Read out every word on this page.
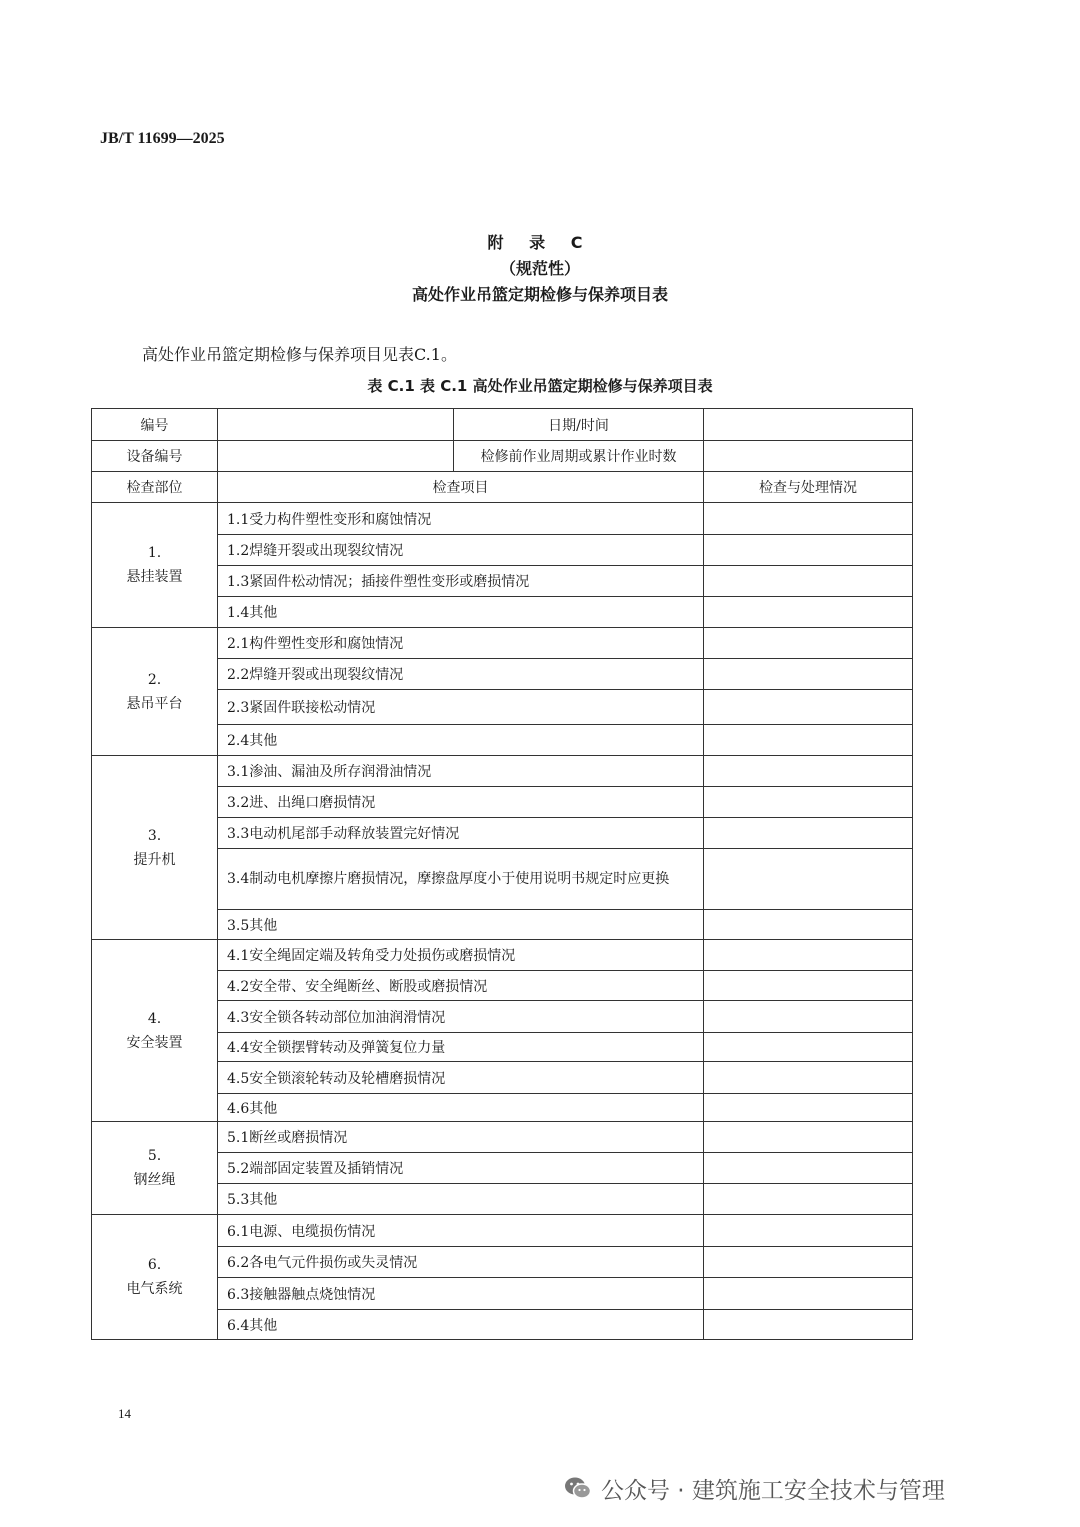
JB/T 11699—2025
附 录 C
（规范性）
高处作业吊篮定期检修与保养项目表
高处作业吊篮定期检修与保养项目见表C.1。
表 C.1 表 C.1 高处作业吊篮定期检修与保养项目表
编号		日期/时间	
设备编号		检修前作业周期或累计作业时数	
检查部位	检查项目		检查与处理情况

1.
悬挂装置	1.1受力构件塑性变形和腐蚀情况		
	1.2焊缝开裂或出现裂纹情况		
	1.3紧固件松动情况；插接件塑性变形或磨损情况		
	1.4其他		

2.
悬吊平台	2.1构件塑性变形和腐蚀情况		
	2.2焊缝开裂或出现裂纹情况		
	2.3紧固件联接松动情况		
	2.4其他		

3.
提升机	3.1渗油、漏油及所存润滑油情况		
	3.2进、出绳口磨损情况		
	3.3电动机尾部手动释放装置完好情况		
	3.4制动电机摩擦片磨损情况，摩擦盘厚度小于使用说明书规定时应更换		
	3.5其他		

4.
安全装置	4.1安全绳固定端及转角受力处损伤或磨损情况		
	4.2安全带、安全绳断丝、断股或磨损情况		
	4.3安全锁各转动部位加油润滑情况		
	4.4安全锁摆臂转动及弹簧复位力量		
	4.5安全锁滚轮转动及轮槽磨损情况		
	4.6其他		

5.
钢丝绳	5.1断丝或磨损情况		
	5.2端部固定装置及插销情况		
	5.3其他		

6.
电气系统	6.1电源、电缆损伤情况		
	6.2各电气元件损伤或失灵情况		
	6.3接触器触点烧蚀情况		
	6.4其他		
14
公众号 · 建筑施工安全技术与管理
